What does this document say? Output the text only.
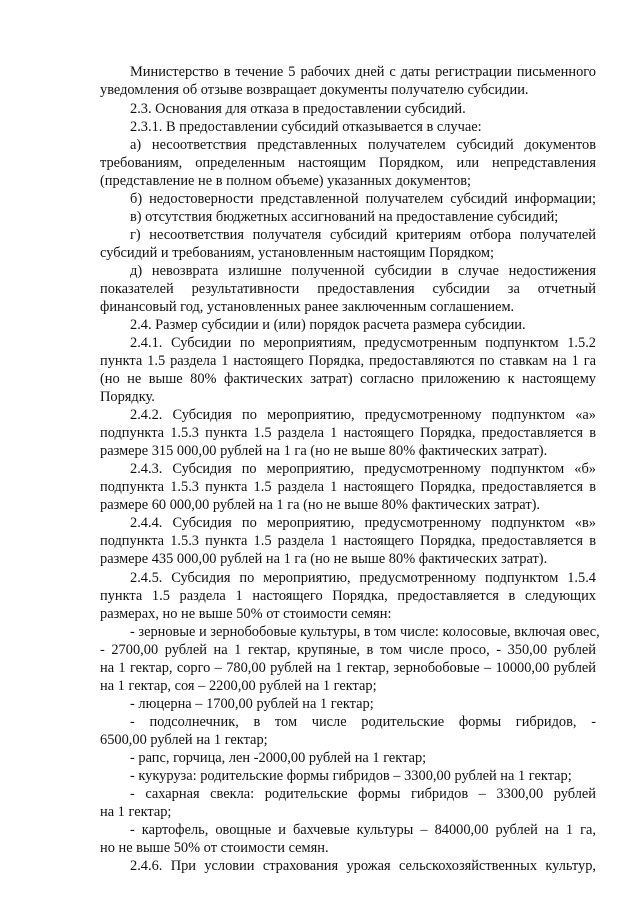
Министерство в течение 5 рабочих дней с даты регистрации письменного
уведомления об отзыве возвращает документы получателю субсидии.
2.3. Основания для отказа в предоставлении субсидий.
2.3.1. В предоставлении субсидий отказывается в случае:
а) несоответствия представленных получателем субсидий документов
требованиям, определенным настоящим Порядком, или непредставления
(представление не в полном объеме) указанных документов;
б) недостоверности представленной получателем субсидий информации;
в) отсутствия бюджетных ассигнований на предоставление субсидий;
г) несоответствия получателя субсидий критериям отбора получателей
субсидий и требованиям, установленным настоящим Порядком;
д) невозврата излишне полученной субсидии в случае недостижения
показателей результативности предоставления субсидии за отчетный
финансовый год, установленных ранее заключенным соглашением.
2.4. Размер субсидии и (или) порядок расчета размера субсидии.
2.4.1. Субсидии по мероприятиям, предусмотренным подпунктом 1.5.2
пункта 1.5 раздела 1 настоящего Порядка, предоставляются по ставкам на 1 га
(но не выше 80% фактических затрат) согласно приложению к настоящему
Порядку.
2.4.2. Субсидия по мероприятию, предусмотренному подпунктом «а»
подпункта 1.5.3 пункта 1.5 раздела 1 настоящего Порядка, предоставляется в
размере 315 000,00 рублей на 1 га (но не выше 80% фактических затрат).
2.4.3. Субсидия по мероприятию, предусмотренному подпунктом «б»
подпункта 1.5.3 пункта 1.5 раздела 1 настоящего Порядка, предоставляется в
размере 60 000,00 рублей на 1 га (но не выше 80% фактических затрат).
2.4.4. Субсидия по мероприятию, предусмотренному подпунктом «в»
подпункта 1.5.3 пункта 1.5 раздела 1 настоящего Порядка, предоставляется в
размере 435 000,00 рублей на 1 га (но не выше 80% фактических затрат).
2.4.5. Субсидия по мероприятию, предусмотренному подпунктом 1.5.4
пункта 1.5 раздела 1 настоящего Порядка, предоставляется в следующих
размерах, но не выше 50% от стоимости семян:
- зерновые и зернобобовые культуры, в том числе: колосовые, включая овес,
- 2700,00 рублей на 1 гектар, крупяные, в том числе просо, - 350,00 рублей
на 1 гектар, сорго – 780,00 рублей на 1 гектар, зернобобовые – 10000,00 рублей
на 1 гектар, соя – 2200,00 рублей на 1 гектар;
- люцерна – 1700,00 рублей на 1 гектар;
- подсолнечник, в том числе родительские формы гибридов, -
6500,00 рублей на 1 гектар;
- рапс, горчица, лен -2000,00 рублей на 1 гектар;
- кукуруза: родительские формы гибридов – 3300,00 рублей на 1 гектар;
- сахарная свекла: родительские формы гибридов – 3300,00 рублей
на 1 гектар;
- картофель, овощные и бахчевые культуры – 84000,00 рублей на 1 га,
но не выше 50% от стоимости семян.
2.4.6. При условии страхования урожая сельскохозяйственных культур,
